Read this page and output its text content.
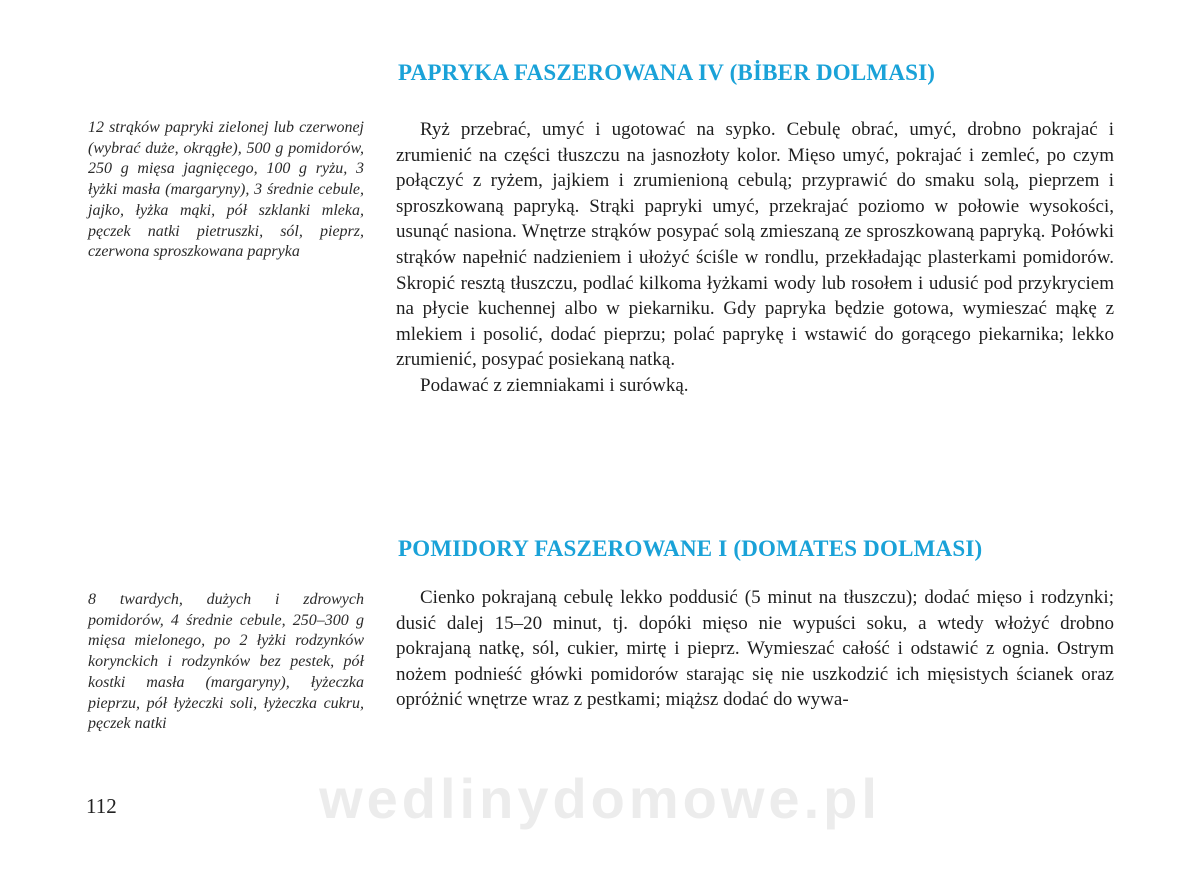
PAPRYKA FASZEROWANA IV (BİBER DOLMASI)

12 strąków papryki zielonej lub czerwonej (wybrać duże, okrągłe), 500 g pomidorów, 250 g mięsa jagnięcego, 100 g ryżu, 3 łyżki masła (margaryny), 3 średnie cebule, jajko, łyżka mąki, pół szklanki mleka, pęczek natki pietruszki, sól, pieprz, czerwona sproszkowana papryka

Ryż przebrać, umyć i ugotować na sypko. Cebulę obrać, umyć, drobno pokrajać i zrumienić na części tłuszczu na jasnozłoty kolor. Mięso umyć, pokrajać i zemleć, po czym połączyć z ryżem, jajkiem i zrumienioną cebulą; przyprawić do smaku solą, pieprzem i sproszkowaną papryką. Strąki papryki umyć, przekrajać poziomo w połowie wysokości, usunąć nasiona. Wnętrze strąków posypać solą zmieszaną ze sproszkowaną papryką. Połówki strąków napełnić nadzieniem i ułożyć ściśle w rondlu, przekładając plasterkami pomidorów. Skropić resztą tłuszczu, podlać kilkoma łyżkami wody lub rosołem i udusić pod przykryciem na płycie kuchennej albo w piekarniku. Gdy papryka będzie gotowa, wymieszać mąkę z mlekiem i posolić, dodać pieprzu; polać paprykę i wstawić do gorącego piekarnika; lekko zrumienić, posypać posiekaną natką.

Podawać z ziemniakami i surówką.

POMIDORY FASZEROWANE I (DOMATES DOLMASI)

8 twardych, dużych i zdrowych pomidorów, 4 średnie cebule, 250–300 g mięsa mielonego, po 2 łyżki rodzynków korynckich i rodzynków bez pestek, pół kostki masła (margaryny), łyżeczka pieprzu, pół łyżeczki soli, łyżeczka cukru, pęczek natki

Cienko pokrajaną cebulę lekko poddusić (5 minut na tłuszczu); dodać mięso i rodzynki; dusić dalej 15–20 minut, tj. dopóki mięso nie wypuści soku, a wtedy włożyć drobno pokrajaną natkę, sól, cukier, mirtę i pieprz. Wymieszać całość i odstawić z ognia. Ostrym nożem podnieść główki pomidorów starając się nie uszkodzić ich mięsistych ścianek oraz opróżnić wnętrze wraz z pestkami; miąższ dodać do wywa-

wedlinydomowe.pl
112
